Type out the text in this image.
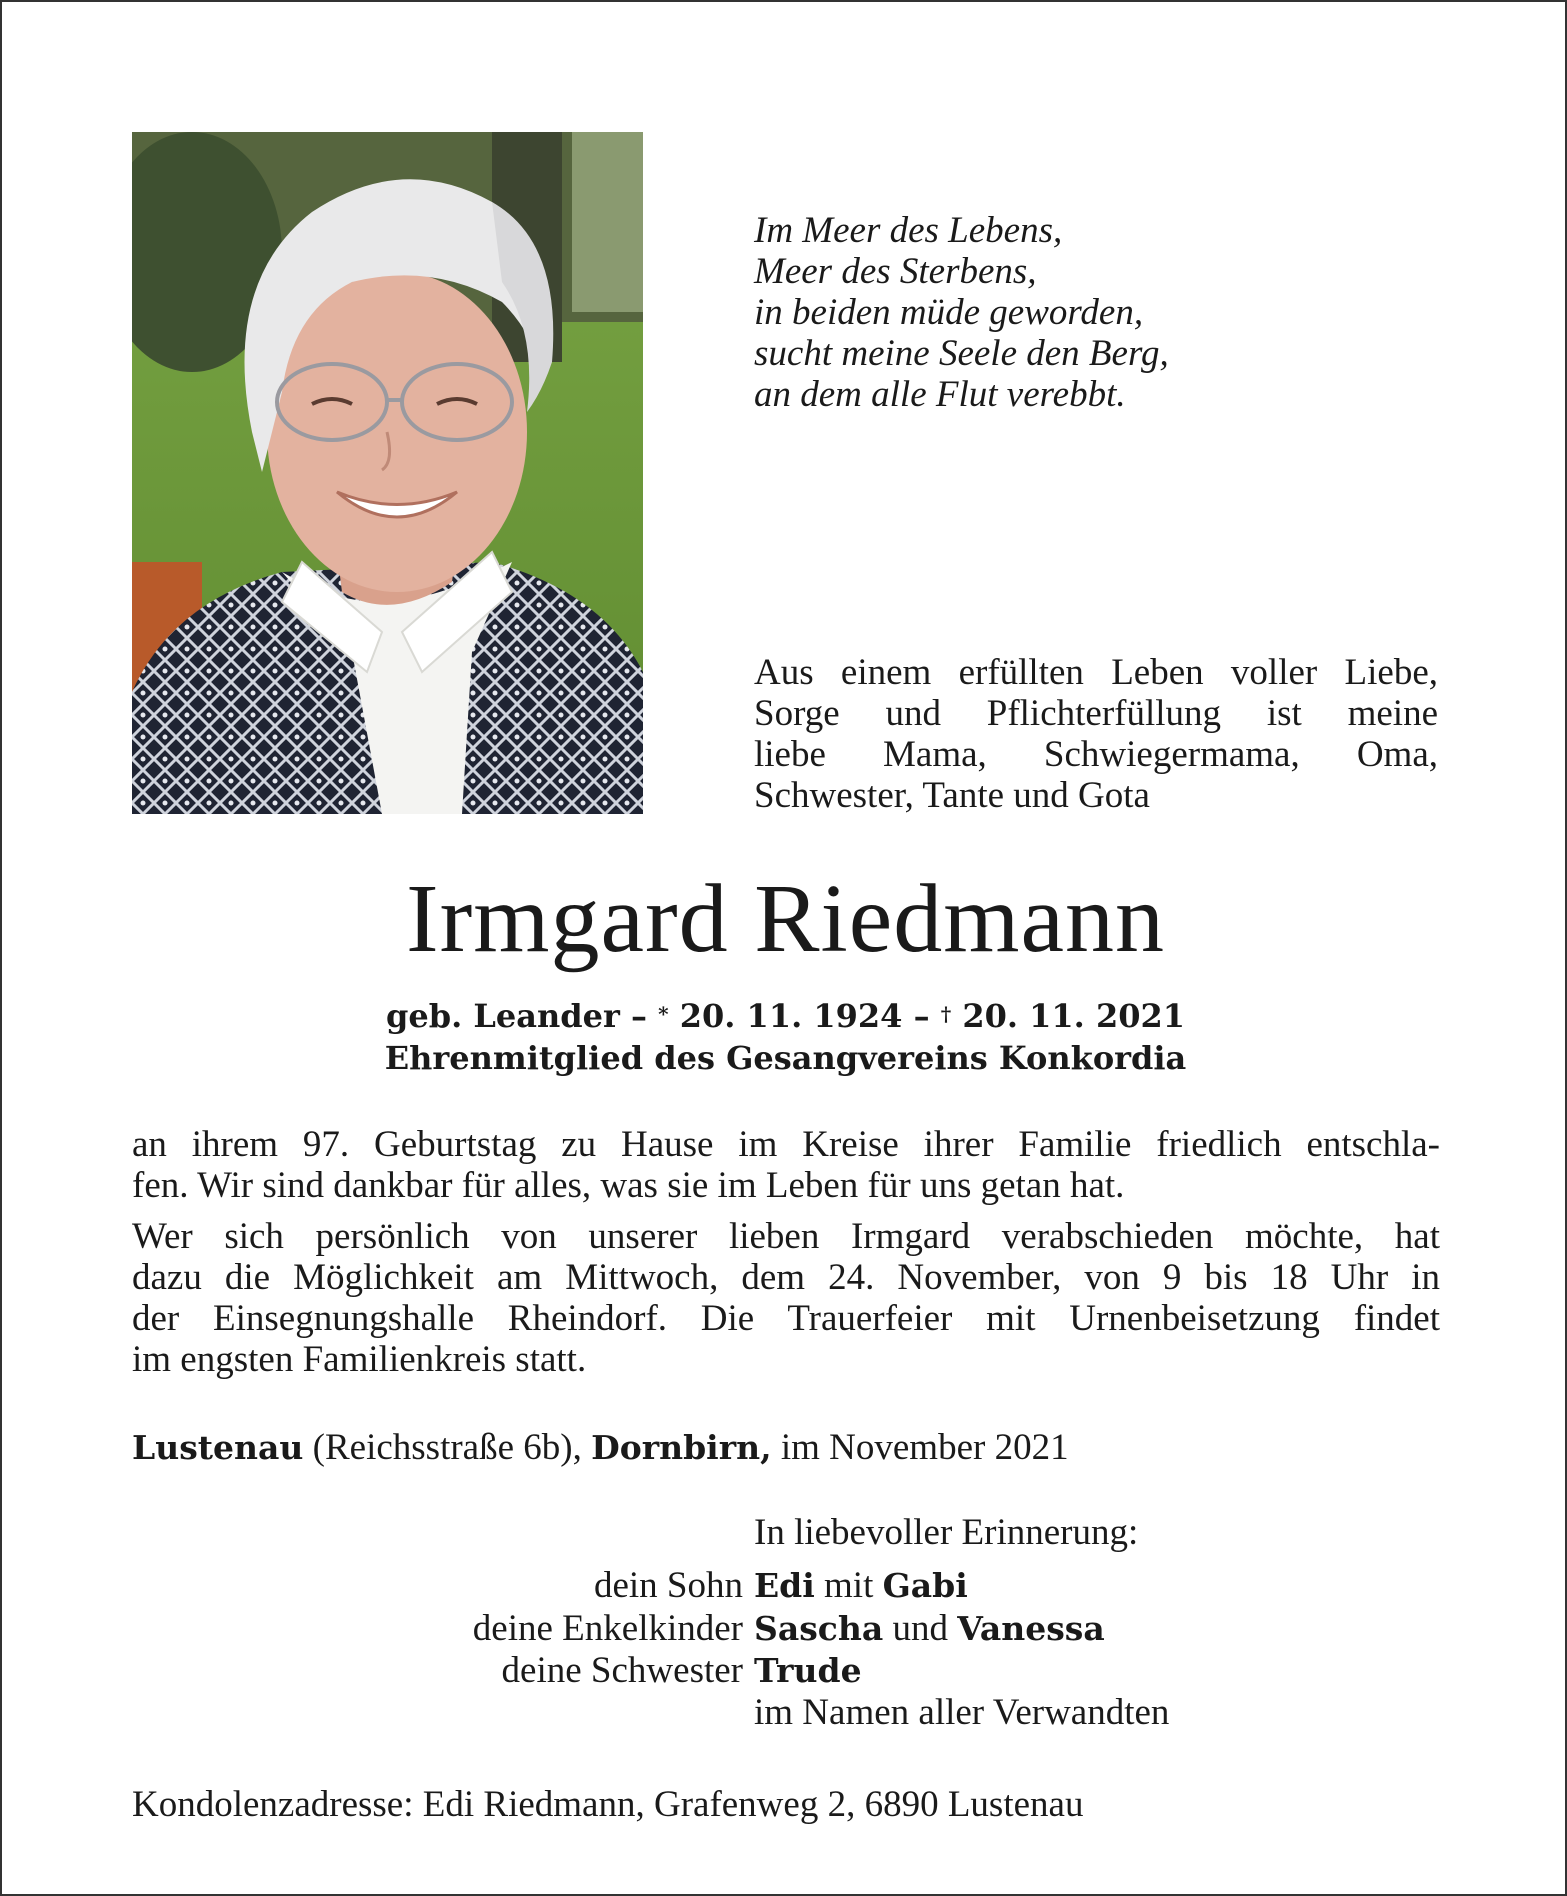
Im Meer des Lebens,
Meer des Sterbens,
in beiden müde geworden,
sucht meine Seele den Berg,
an dem alle Flut verebbt.
Aus einem erfüllten Leben voller Liebe,
Sorge und Pflichterfüllung ist meine
liebe Mama, Schwiegermama, Oma,
Schwester, Tante und Gota
Irmgard Riedmann
geb. Leander – * 20. 11. 1924 – † 20. 11. 2021
Ehrenmitglied des Gesangvereins Konkordia
an ihrem 97. Geburtstag zu Hause im Kreise ihrer Familie friedlich entschla-
fen. Wir sind dankbar für alles, was sie im Leben für uns getan hat.
Wer sich persönlich von unserer lieben Irmgard verabschieden möchte, hat
dazu die Möglichkeit am Mittwoch, dem 24. November, von 9 bis 18 Uhr in
der Einsegnungshalle Rheindorf. Die Trauerfeier mit Urnenbeisetzung findet
im engsten Familienkreis statt.
Lustenau (Reichsstraße 6b), Dornbirn, im November 2021
In liebevoller Erinnerung:
dein Sohn Edi mit Gabi
deine Enkelkinder Sascha und Vanessa
deine Schwester Trude
im Namen aller Verwandten
Kondolenzadresse: Edi Riedmann, Grafenweg 2, 6890 Lustenau
